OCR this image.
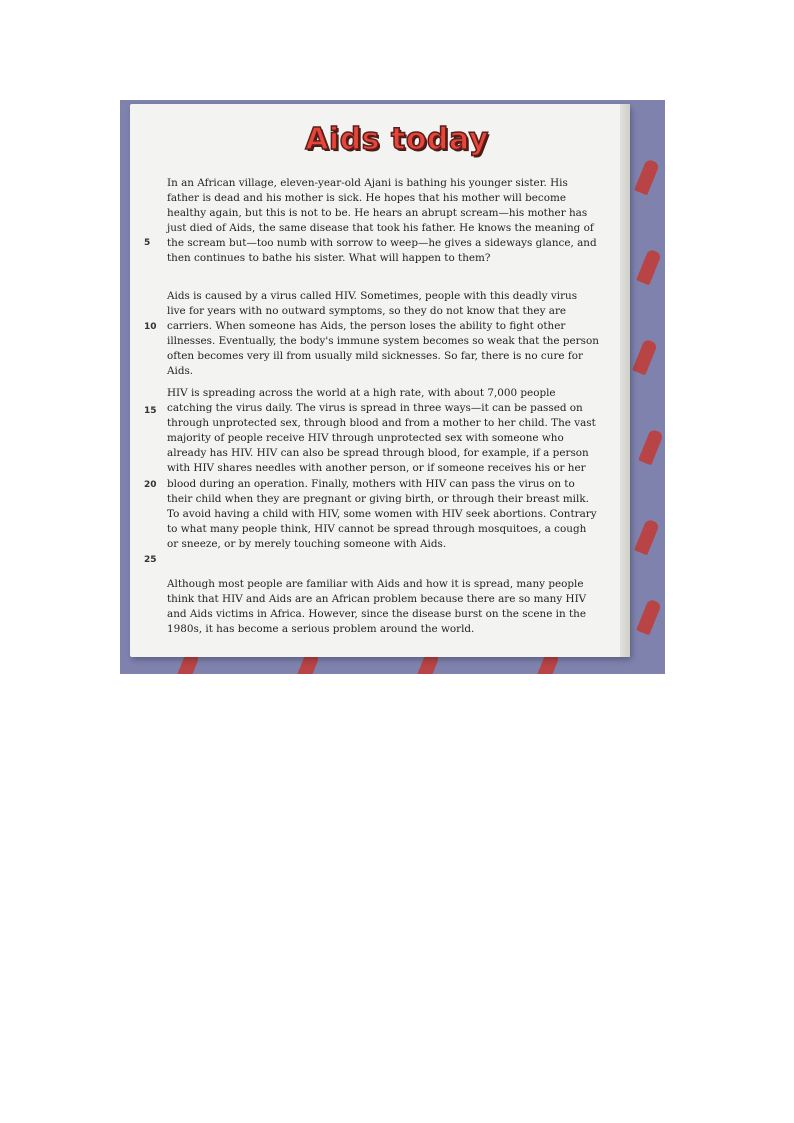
Aids today

In an African village, eleven-year-old Ajani is bathing his younger sister. His father is dead and his mother is sick. He hopes that his mother will become healthy again, but this is not to be. He hears an abrupt scream—his mother has just died of Aids, the same disease that took his father. He knows the meaning of the scream but—too numb with sorrow to weep—he gives a sideways glance, and then continues to bathe his sister. What will happen to them?

Aids is caused by a virus called HIV. Sometimes, people with this deadly virus live for years with no outward symptoms, so they do not know that they are carriers. When someone has Aids, the person loses the ability to fight other illnesses. Eventually, the body's immune system becomes so weak that the person often becomes very ill from usually mild sicknesses. So far, there is no cure for Aids.

HIV is spreading across the world at a high rate, with about 7,000 people catching the virus daily. The virus is spread in three ways—it can be passed on through unprotected sex, through blood and from a mother to her child. The vast majority of people receive HIV through unprotected sex with someone who already has HIV. HIV can also be spread through blood, for example, if a person with HIV shares needles with another person, or if someone receives his or her blood during an operation. Finally, mothers with HIV can pass the virus on to their child when they are pregnant or giving birth, or through their breast milk. To avoid having a child with HIV, some women with HIV seek abortions. Contrary to what many people think, HIV cannot be spread through mosquitoes, a cough or sneeze, or by merely touching someone with Aids.

Although most people are familiar with Aids and how it is spread, many people think that HIV and Aids are an African problem because there are so many HIV and Aids victims in Africa. However, since the disease burst on the scene in the 1980s, it has become a serious problem around the world.

5
10
15
20
25
